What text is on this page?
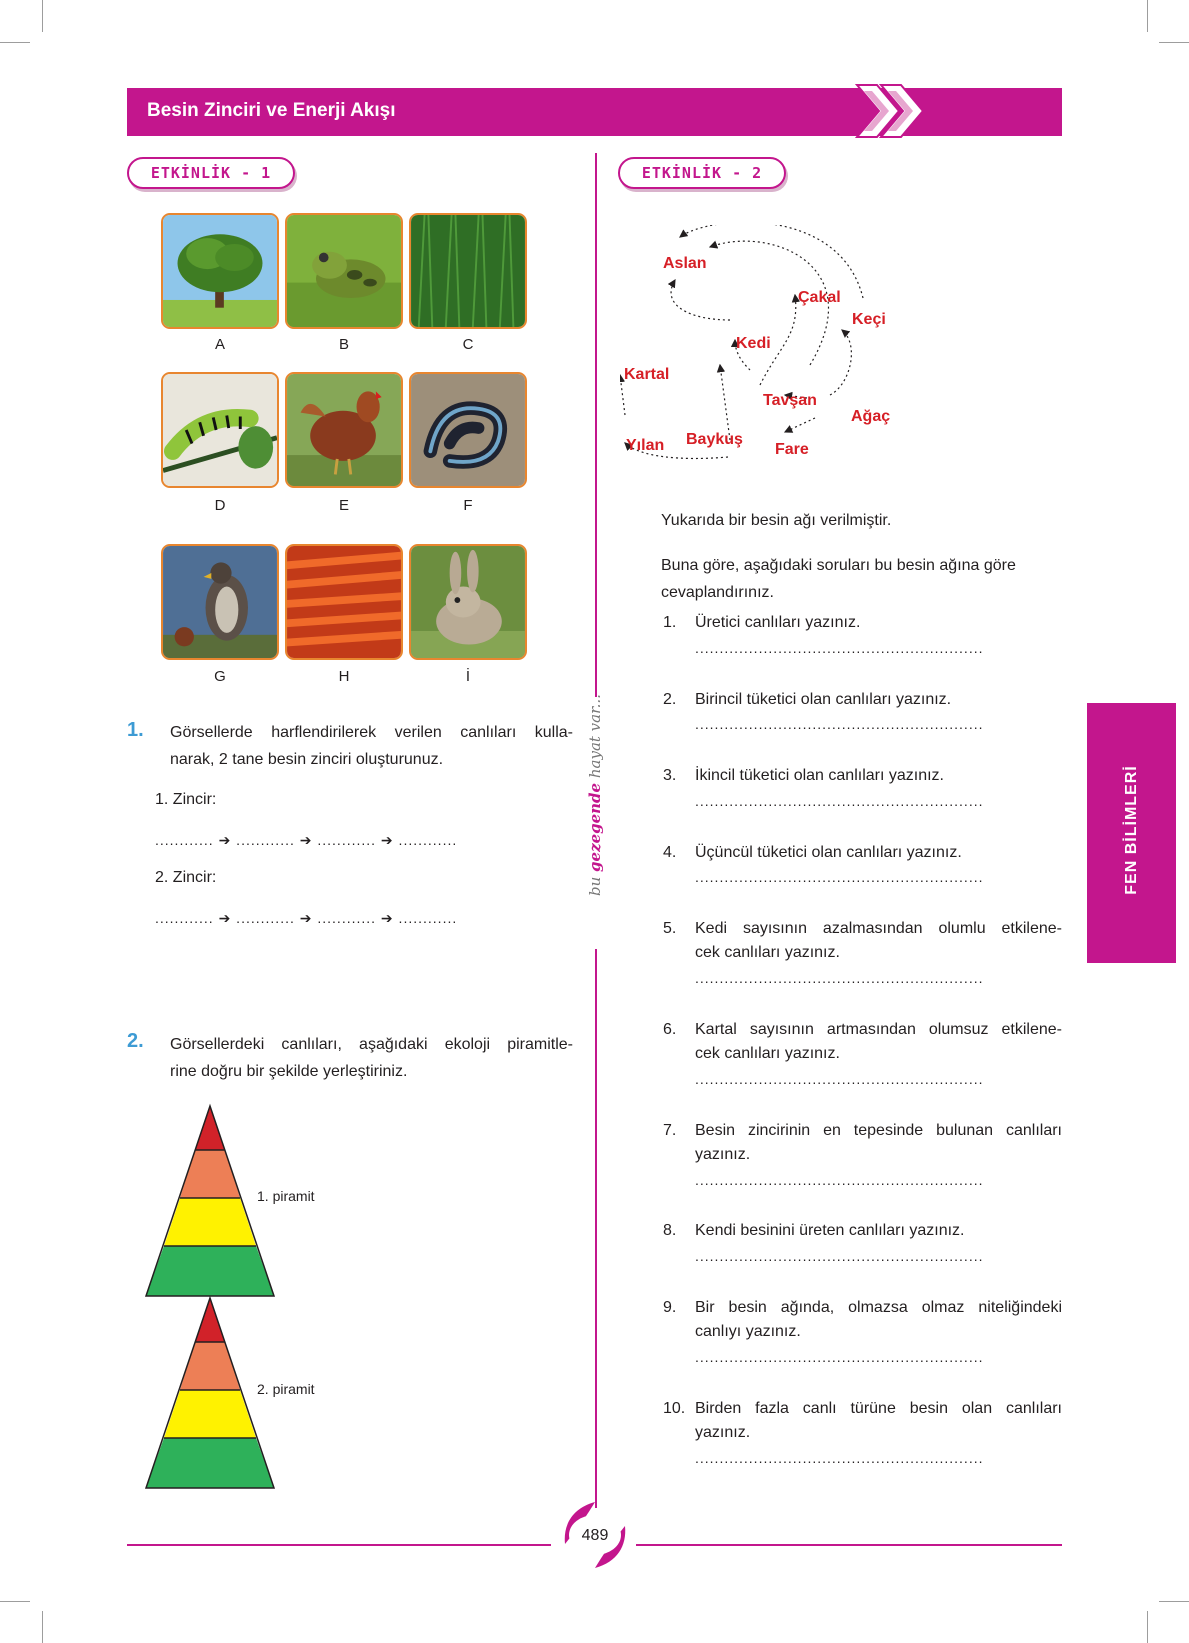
Besin Zinciri ve Enerji Akışı
ETKİNLİK - 1	ETKİNLİK - 2
A	B	C
D	E	F
G	H	İ
1. Görsellerde harflendirilerek verilen canlıları kulla-
narak, 2 tane besin zinciri oluşturunuz.
1. Zincir:
............ ➔ ............ ➔ ............ ➔ ............
2. Zincir:
............ ➔ ............ ➔ ............ ➔ ............
2. Görsellerdeki canlıları, aşağıdaki ekoloji piramitle-
rine doğru bir şekilde yerleştiriniz.
1. piramit
2. piramit
bu gezegende hayat var...
Aslan
Çakal
Keçi
Kedi
Kartal
Tavşan
Ağaç
Yılan Baykuş
Fare
Yukarıda bir besin ağı verilmiştir.
Buna göre, aşağıdaki soruları bu besin ağına göre
cevaplandırınız.
1. Üretici canlıları yazınız.
...........................................................
2. Birincil tüketici olan canlıları yazınız.
...........................................................
3. İkincil tüketici olan canlıları yazınız.
...........................................................
4. Üçüncül tüketici olan canlıları yazınız.
...........................................................
5. Kedi sayısının azalmasından olumlu etkilene-
cek canlıları yazınız.
...........................................................
6. Kartal sayısının artmasından olumsuz etkilene-
cek canlıları yazınız.
...........................................................
7. Besin zincirinin en tepesinde bulunan canlıları
yazınız.
...........................................................
8. Kendi besinini üreten canlıları yazınız.
...........................................................
9. Bir besin ağında, olmazsa olmaz niteliğindeki
canlıyı yazınız.
...........................................................
10. Birden fazla canlı türüne besin olan canlıları
yazınız.
...........................................................
FEN BİLİMLERİ
489
